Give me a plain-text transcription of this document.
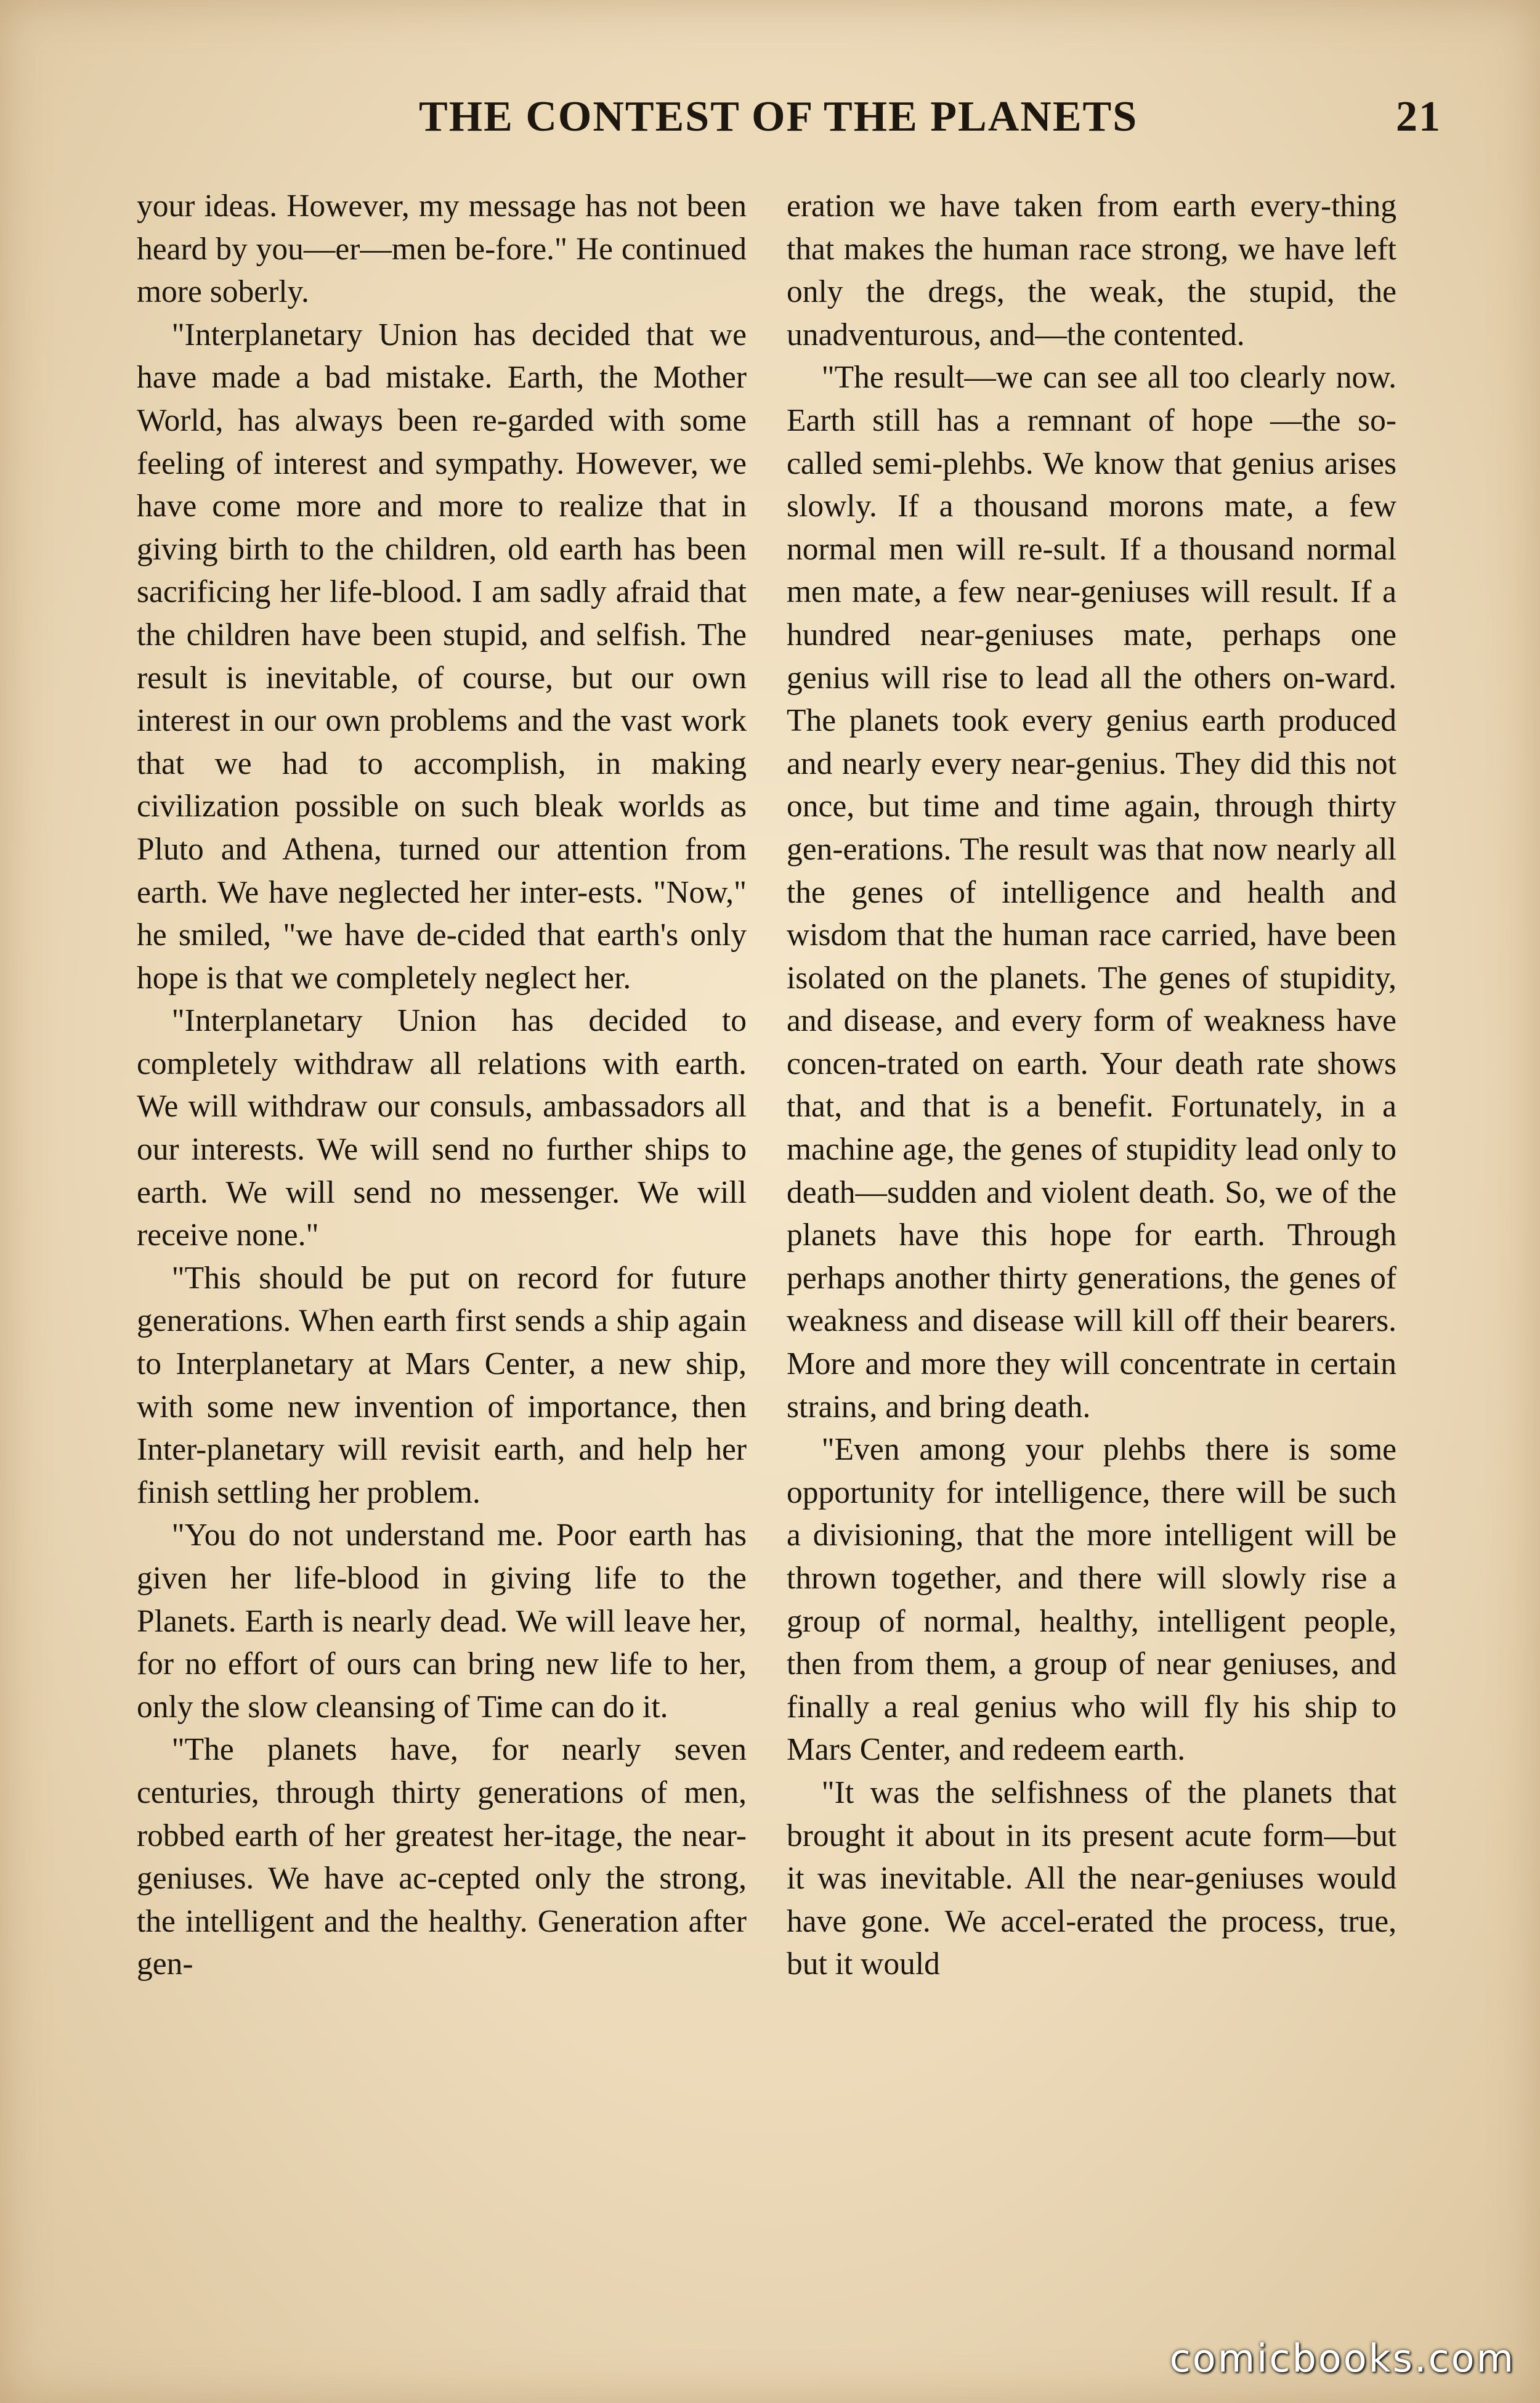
THE CONTEST OF THE PLANETS	21

your ideas. However, my message has not been heard by you—er—men be-fore." He continued more soberly.

"Interplanetary Union has decided that we have made a bad mistake. Earth, the Mother World, has always been re-garded with some feeling of interest and sympathy. However, we have come more and more to realize that in giving birth to the children, old earth has been sacrificing her life-blood. I am sadly afraid that the children have been stupid, and selfish. The result is inevitable, of course, but our own interest in our own problems and the vast work that we had to accomplish, in making civilization possible on such bleak worlds as Pluto and Athena, turned our attention from earth. We have neglected her inter-ests. "Now," he smiled, "we have de-cided that earth's only hope is that we completely neglect her.

"Interplanetary Union has decided to completely withdraw all relations with earth. We will withdraw our consuls, ambassadors all our interests. We will send no further ships to earth. We will send no messenger. We will receive none."

"This should be put on record for future generations. When earth first sends a ship again to Interplanetary at Mars Center, a new ship, with some new invention of importance, then Inter-planetary will revisit earth, and help her finish settling her problem.

"You do not understand me. Poor earth has given her life-blood in giving life to the Planets. Earth is nearly dead. We will leave her, for no effort of ours can bring new life to her, only the slow cleansing of Time can do it.

"The planets have, for nearly seven centuries, through thirty generations of men, robbed earth of her greatest her-itage, the near-geniuses. We have ac-cepted only the strong, the intelligent and the healthy. Generation after gen-

eration we have taken from earth every-thing that makes the human race strong, we have left only the dregs, the weak, the stupid, the unadventurous, and—the contented.

"The result—we can see all too clearly now. Earth still has a remnant of hope —the so-called semi-plehbs. We know that genius arises slowly. If a thousand morons mate, a few normal men will re-sult. If a thousand normal men mate, a few near-geniuses will result. If a hundred near-geniuses mate, perhaps one genius will rise to lead all the others on-ward. The planets took every genius earth produced and nearly every near-genius. They did this not once, but time and time again, through thirty gen-erations. The result was that now nearly all the genes of intelligence and health and wisdom that the human race carried, have been isolated on the planets. The genes of stupidity, and disease, and every form of weakness have concen-trated on earth. Your death rate shows that, and that is a benefit. Fortunately, in a machine age, the genes of stupidity lead only to death—sudden and violent death. So, we of the planets have this hope for earth. Through perhaps another thirty generations, the genes of weakness and disease will kill off their bearers. More and more they will concentrate in certain strains, and bring death.

"Even among your plehbs there is some opportunity for intelligence, there will be such a divisioning, that the more intelligent will be thrown together, and there will slowly rise a group of normal, healthy, intelligent people, then from them, a group of near geniuses, and finally a real genius who will fly his ship to Mars Center, and redeem earth.

"It was the selfishness of the planets that brought it about in its present acute form—but it was inevitable. All the near-geniuses would have gone. We accel-erated the process, true, but it would

comicbooks.com
